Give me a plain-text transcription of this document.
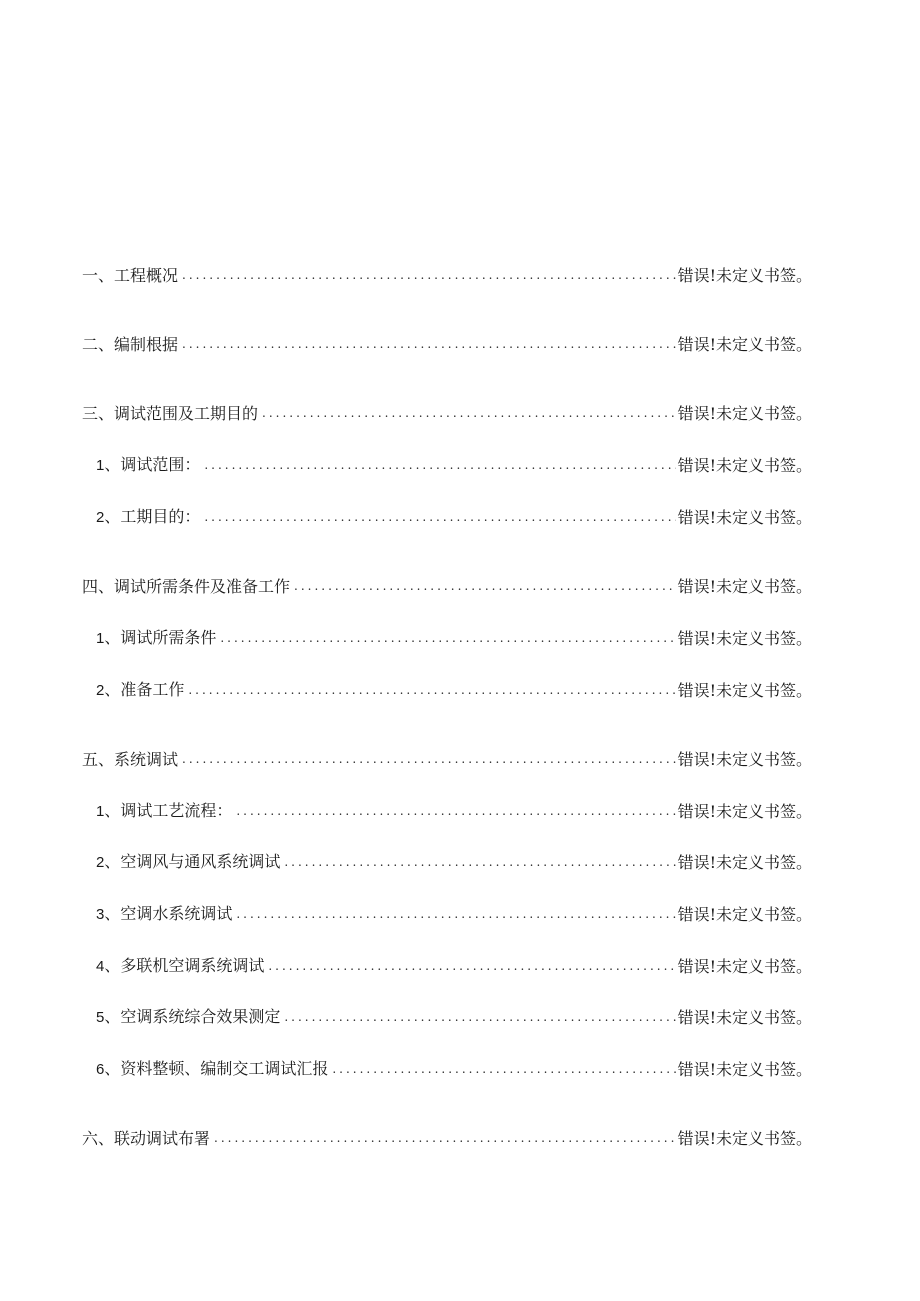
一、工程概况 .....	错误!未定义书签。
二、编制根据 .....	错误!未定义书签。
三、调试范围及工期目的 .....	错误!未定义书签。
1、调试范围： .....	错误!未定义书签。
2、工期目的： .....	错误!未定义书签。
四、调试所需条件及准备工作 .....	错误!未定义书签。
1、调试所需条件 .....	错误!未定义书签。
2、准备工作 .....	错误!未定义书签。
五、系统调试 .....	错误!未定义书签。
1、调试工艺流程： .....	错误!未定义书签。
2、空调风与通风系统调试 .....	错误!未定义书签。
3、空调水系统调试 .....	错误!未定义书签。
4、多联机空调系统调试 .....	错误!未定义书签。
5、空调系统综合效果测定 .....	错误!未定义书签。
6、资料整顿、编制交工调试汇报 .....	错误!未定义书签。
六、联动调试布署 .....	错误!未定义书签。
